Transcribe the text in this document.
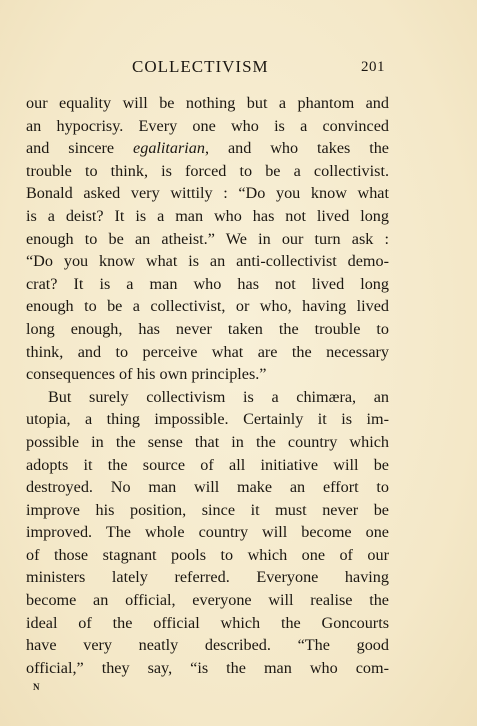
COLLECTIVISM	201
our equality will be nothing but a phantom and
an hypocrisy. Every one who is a convinced
and sincere egalitarian, and who takes the
trouble to think, is forced to be a collectivist.
Bonald asked very wittily : “Do you know what
is a deist? It is a man who has not lived long
enough to be an atheist.” We in our turn ask :
“Do you know what is an anti-collectivist demo-
crat? It is a man who has not lived long
enough to be a collectivist, or who, having lived
long enough, has never taken the trouble to
think, and to perceive what are the necessary
consequences of his own principles.”
But surely collectivism is a chimæra, an
utopia, a thing impossible. Certainly it is im-
possible in the sense that in the country which
adopts it the source of all initiative will be
destroyed. No man will make an effort to
improve his position, since it must never be
improved. The whole country will become one
of those stagnant pools to which one of our
ministers lately referred. Everyone having
become an official, everyone will realise the
ideal of the official which the Goncourts
have very neatly described. “The good
official,” they say, “is the man who com-
N
